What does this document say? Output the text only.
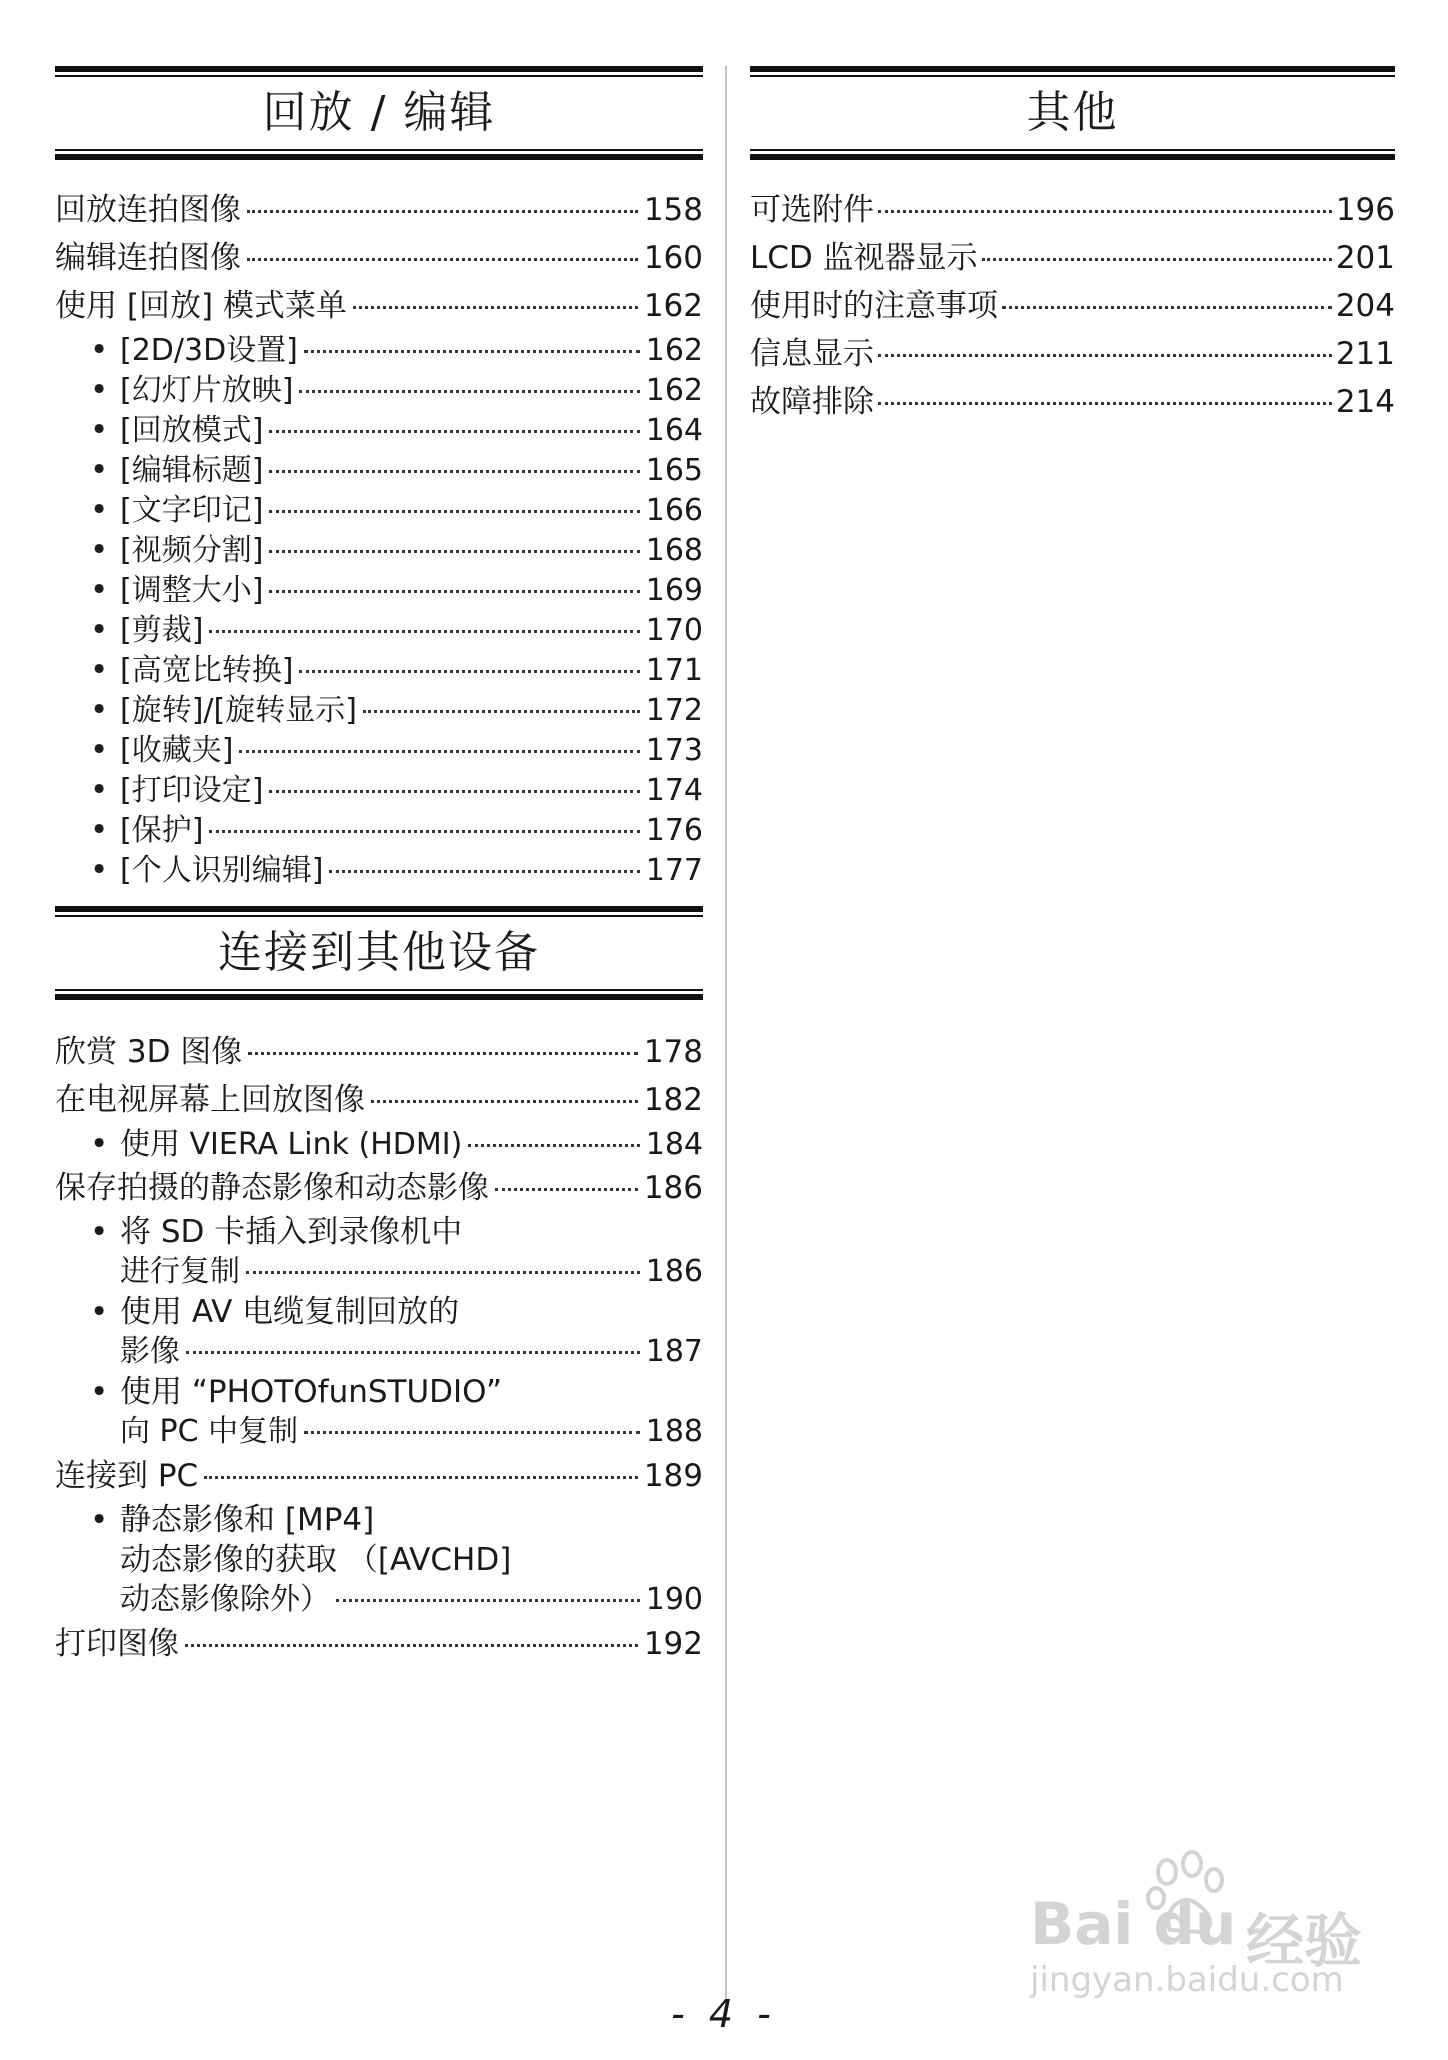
回放 / 编辑
回放连拍图像	158
编辑连拍图像	160
使用 [回放] 模式菜单	162
• [2D/3D设置]	162
• [幻灯片放映]	162
• [回放模式]	164
• [编辑标题]	165
• [文字印记]	166
• [视频分割]	168
• [调整大小]	169
• [剪裁]	170
• [高宽比转换]	171
• [旋转]/[旋转显示]	172
• [收藏夹]	173
• [打印设定]	174
• [保护]	176
• [个人识别编辑]	177
连接到其他设备
欣赏 3D 图像	178
在电视屏幕上回放图像	182
• 使用 VIERA Link (HDMI)	184
保存拍摄的静态影像和动态影像	186
• 将 SD 卡插入到录像机中
进行复制	186
• 使用 AV 电缆复制回放的
影像	187
• 使用 “PHOTOfunSTUDIO”
向 PC 中复制	188
连接到 PC	189
• 静态影像和 [MP4]
动态影像的获取 （[AVCHD]
动态影像除外）	190
打印图像	192
其他
可选附件	196
LCD 监视器显示	201
使用时的注意事项	204
信息显示	211
故障排除	214
Bai du 经验
jingyan.baidu.com
- 4 -
